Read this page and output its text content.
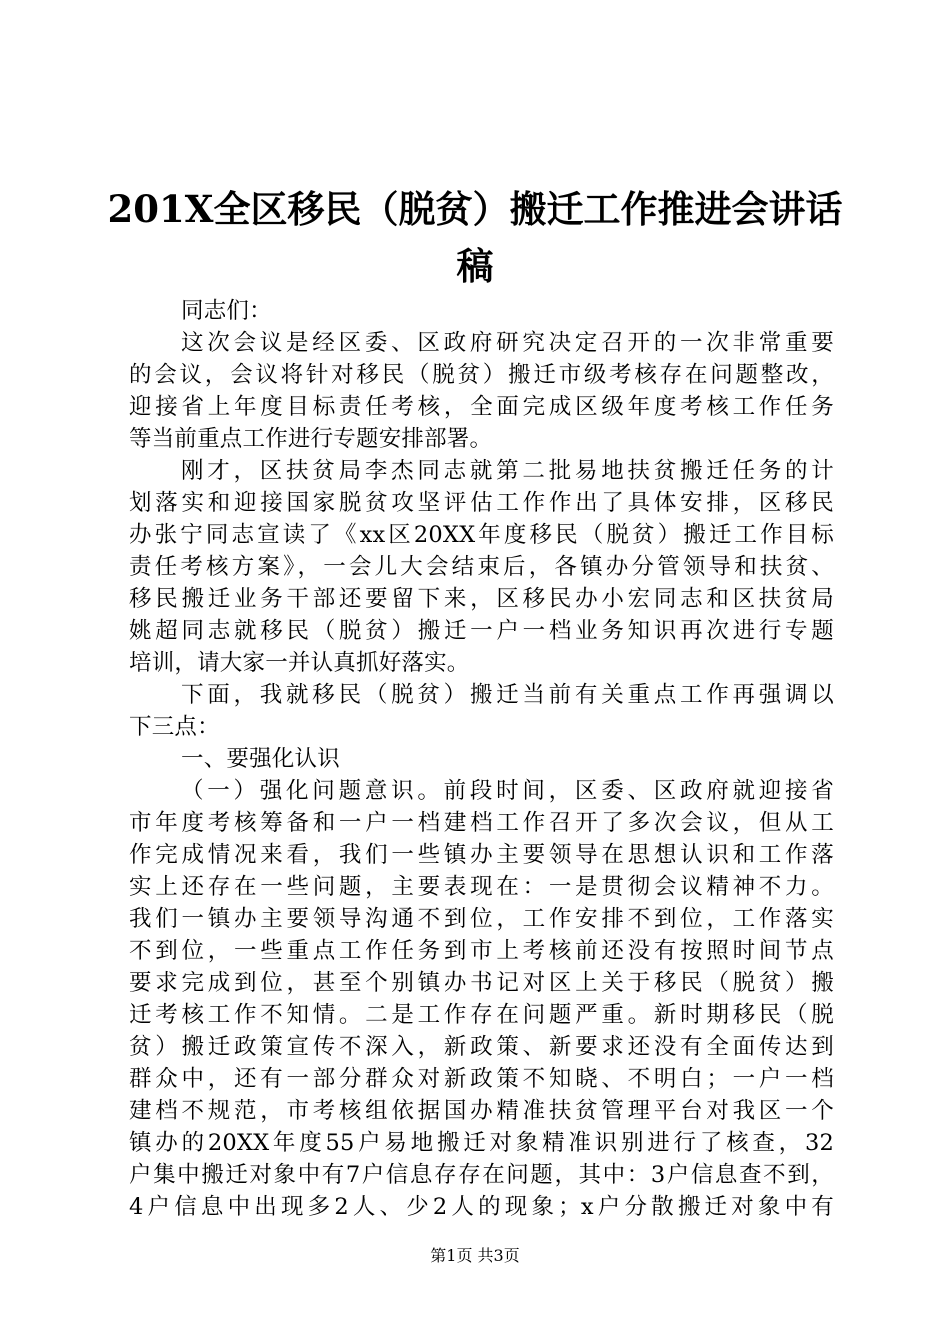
201X全区移民（脱贫）搬迁工作推进会讲话
稿
同志们：
这次会议是经区委、区政府研究决定召开的一次非常重要
的会议，会议将针对移民（脱贫）搬迁市级考核存在问题整改，
迎接省上年度目标责任考核，全面完成区级年度考核工作任务
等当前重点工作进行专题安排部署。
刚才，区扶贫局李杰同志就第二批易地扶贫搬迁任务的计
划落实和迎接国家脱贫攻坚评估工作作出了具体安排，区移民
办张宁同志宣读了《xx区20XX年度移民（脱贫）搬迁工作目标
责任考核方案》，一会儿大会结束后，各镇办分管领导和扶贫、
移民搬迁业务干部还要留下来，区移民办小宏同志和区扶贫局
姚超同志就移民（脱贫）搬迁一户一档业务知识再次进行专题
培训，请大家一并认真抓好落实。
下面，我就移民（脱贫）搬迁当前有关重点工作再强调以
下三点：
一、要强化认识
（一）强化问题意识。前段时间，区委、区政府就迎接省
市年度考核筹备和一户一档建档工作召开了多次会议，但从工
作完成情况来看，我们一些镇办主要领导在思想认识和工作落
实上还存在一些问题，主要表现在：一是贯彻会议精神不力。
我们一镇办主要领导沟通不到位，工作安排不到位，工作落实
不到位，一些重点工作任务到市上考核前还没有按照时间节点
要求完成到位，甚至个别镇办书记对区上关于移民（脱贫）搬
迁考核工作不知情。二是工作存在问题严重。新时期移民（脱
贫）搬迁政策宣传不深入，新政策、新要求还没有全面传达到
群众中，还有一部分群众对新政策不知晓、不明白；一户一档
建档不规范，市考核组依据国办精准扶贫管理平台对我区一个
镇办的20XX年度55户易地搬迁对象精准识别进行了核查，32
户集中搬迁对象中有7户信息存存在问题，其中：3户信息查不到，
4户信息中出现多2人、少2人的现象；x户分散搬迁对象中有
第1页 共3页
